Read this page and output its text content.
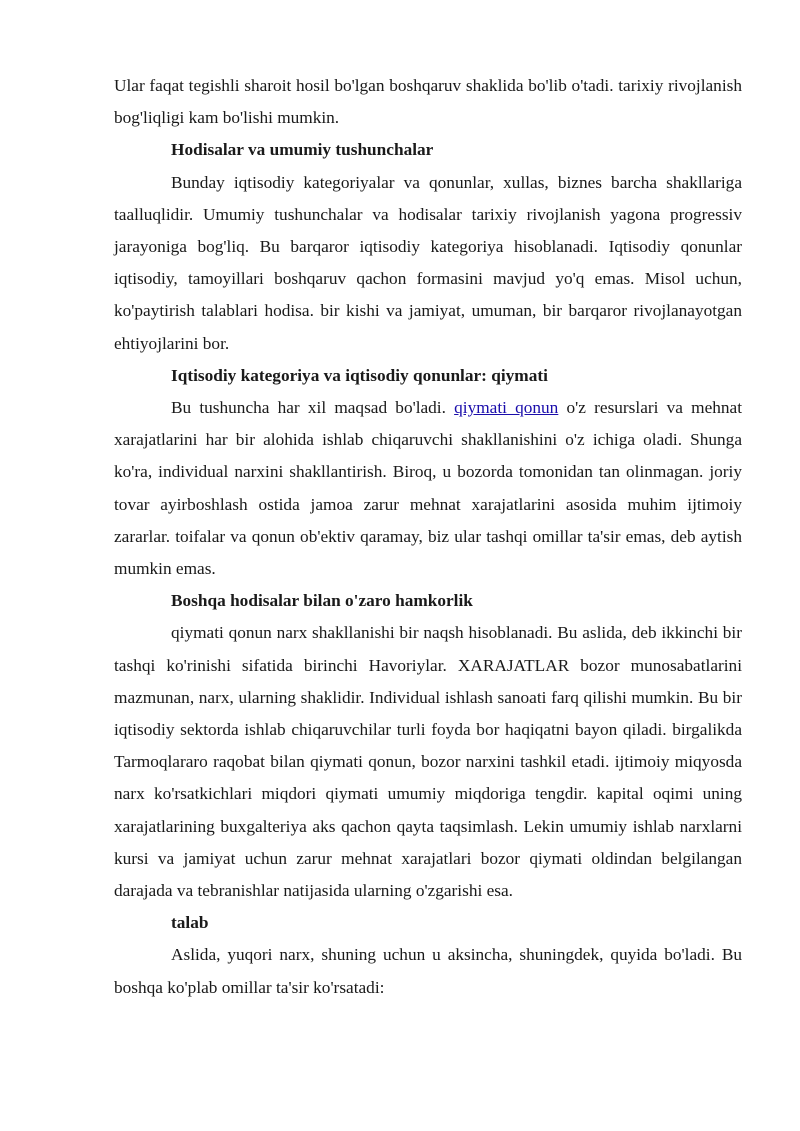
Ular faqat tegishli sharoit hosil bo'lgan boshqaruv shaklida bo'lib o'tadi. tarixiy rivojlanish bog'liqligi kam bo'lishi mumkin.

Hodisalar va umumiy tushunchalar

Bunday iqtisodiy kategoriyalar va qonunlar, xullas, biznes barcha shakllariga taalluqlidir. Umumiy tushunchalar va hodisalar tarixiy rivojlanish yagona progressiv jarayoniga bog'liq. Bu barqaror iqtisodiy kategoriya hisoblanadi. Iqtisodiy qonunlar iqtisodiy, tamoyillari boshqaruv qachon formasini mavjud yo'q emas. Misol uchun, ko'paytirish talablari hodisa. bir kishi va jamiyat, umuman, bir barqaror rivojlanayotgan ehtiyojlarini bor.

Iqtisodiy kategoriya va iqtisodiy qonunlar: qiymati

Bu tushuncha har xil maqsad bo'ladi. qiymati qonun o'z resurslari va mehnat xarajatlarini har bir alohida ishlab chiqaruvchi shakllanishini o'z ichiga oladi. Shunga ko'ra, individual narxini shakllantirish. Biroq, u bozorda tomonidan tan olinmagan. joriy tovar ayirboshlash ostida jamoa zarur mehnat xarajatlarini asosida muhim ijtimoiy zararlar. toifalar va qonun ob'ektiv qaramay, biz ular tashqi omillar ta'sir emas, deb aytish mumkin emas.

Boshqa hodisalar bilan o'zaro hamkorlik

qiymati qonun narx shakllanishi bir naqsh hisoblanadi. Bu aslida, deb ikkinchi bir tashqi ko'rinishi sifatida birinchi Havoriylar. XARAJATLAR bozor munosabatlarini mazmunan, narx, ularning shaklidir. Individual ishlash sanoati farq qilishi mumkin. Bu bir iqtisodiy sektorda ishlab chiqaruvchilar turli foyda bor haqiqatni bayon qiladi. birgalikda Tarmoqlararo raqobat bilan qiymati qonun, bozor narxini tashkil etadi. ijtimoiy miqyosda narx ko'rsatkichlari miqdori qiymati umumiy miqdoriga tengdir. kapital oqimi uning xarajatlarining buxgalteriya aks qachon qayta taqsimlash. Lekin umumiy ishlab narxlarni kursi va jamiyat uchun zarur mehnat xarajatlari bozor qiymati oldindan belgilangan darajada va tebranishlar natijasida ularning o'zgarishi esa.

talab

Aslida, yuqori narx, shuning uchun u aksincha, shuningdek, quyida bo'ladi. Bu boshqa ko'plab omillar ta'sir ko'rsatadi:
